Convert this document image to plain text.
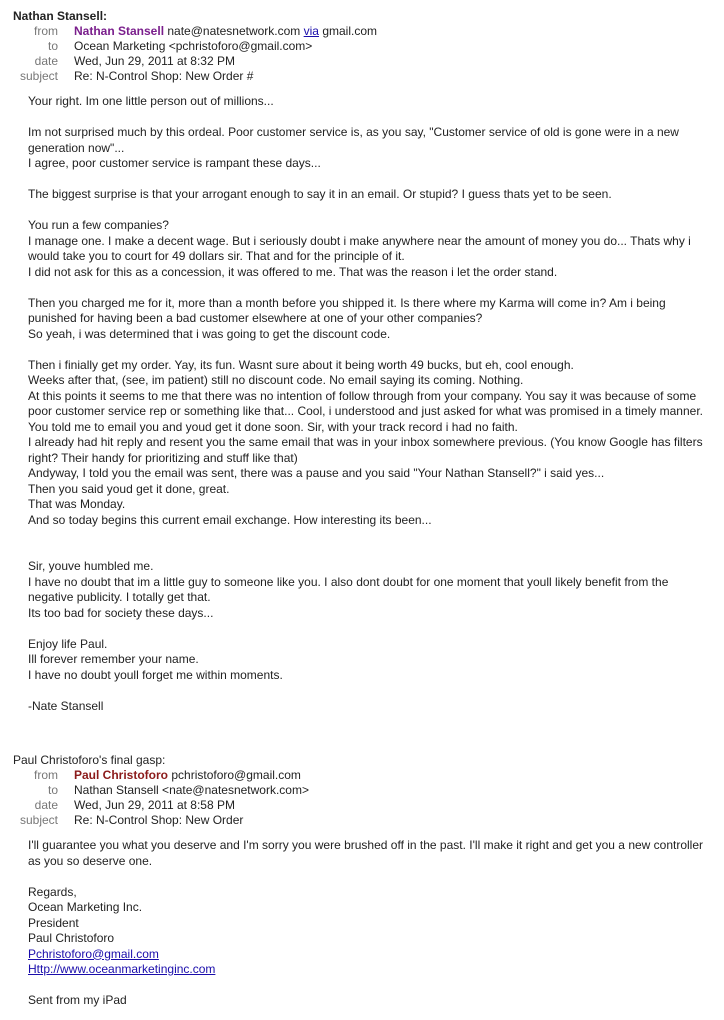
Nathan Stansell:
from Nathan Stansell nate@natesnetwork.com via gmail.com
to Ocean Marketing <pchristoforo@gmail.com>
date Wed, Jun 29, 2011 at 8:32 PM
subject Re: N-Control Shop: New Order #

Your right. Im one little person out of millions...

Im not surprised much by this ordeal. Poor customer service is, as you say, "Customer service of old is gone were in a new generation now"...

I agree, poor customer service is rampant these days...

The biggest surprise is that your arrogant enough to say it in an email. Or stupid? I guess thats yet to be seen.

You run a few companies?

I manage one. I make a decent wage. But i seriously doubt i make anywhere near the amount of money you do... Thats why i would take you to court for 49 dollars sir. That and for the principle of it.

I did not ask for this as a concession, it was offered to me. That was the reason i let the order stand.

Then you charged me for it, more than a month before you shipped it. Is there where my Karma will come in? Am i being punished for having been a bad customer elsewhere at one of your other companies?

So yeah, i was determined that i was going to get the discount code.

Then i finially get my order. Yay, its fun. Wasnt sure about it being worth 49 bucks, but eh, cool enough.

Weeks after that, (see, im patient) still no discount code. No email saying its coming. Nothing.

At this points it seems to me that there was no intention of follow through from your company. You say it was because of some poor customer service rep or something like that... Cool, i understood and just asked for what was promised in a timely manner.

You told me to email you and youd get it done soon. Sir, with your track record i had no faith.

I already had hit reply and resent you the same email that was in your inbox somewhere previous. (You know Google has filters right? Their handy for prioritizing and stuff like that)

Andyway, I told you the email was sent, there was a pause and you said "Your Nathan Stansell?" i said yes...

Then you said youd get it done, great.

That was Monday.

And so today begins this current email exchange. How interesting its been...

Sir, youve humbled me.

I have no doubt that im a little guy to someone like you. I also dont doubt for one moment that youll likely benefit from the negative publicity. I totally get that.

Its too bad for society these days...

Enjoy life Paul.

Ill forever remember your name.

I have no doubt youll forget me within moments.

-Nate Stansell

Paul Christoforo's final gasp:
from Paul Christoforo pchristoforo@gmail.com
to Nathan Stansell <nate@natesnetwork.com>
date Wed, Jun 29, 2011 at 8:58 PM
subject Re: N-Control Shop: New Order

I'll guarantee you what you deserve and I'm sorry you were brushed off in the past. I'll make it right and get you a new controller as you so deserve one.

Regards,

Ocean Marketing Inc.

President

Paul Christoforo

Pchristoforo@gmail.com

Http://www.oceanmarketinginc.com

Sent from my iPad
